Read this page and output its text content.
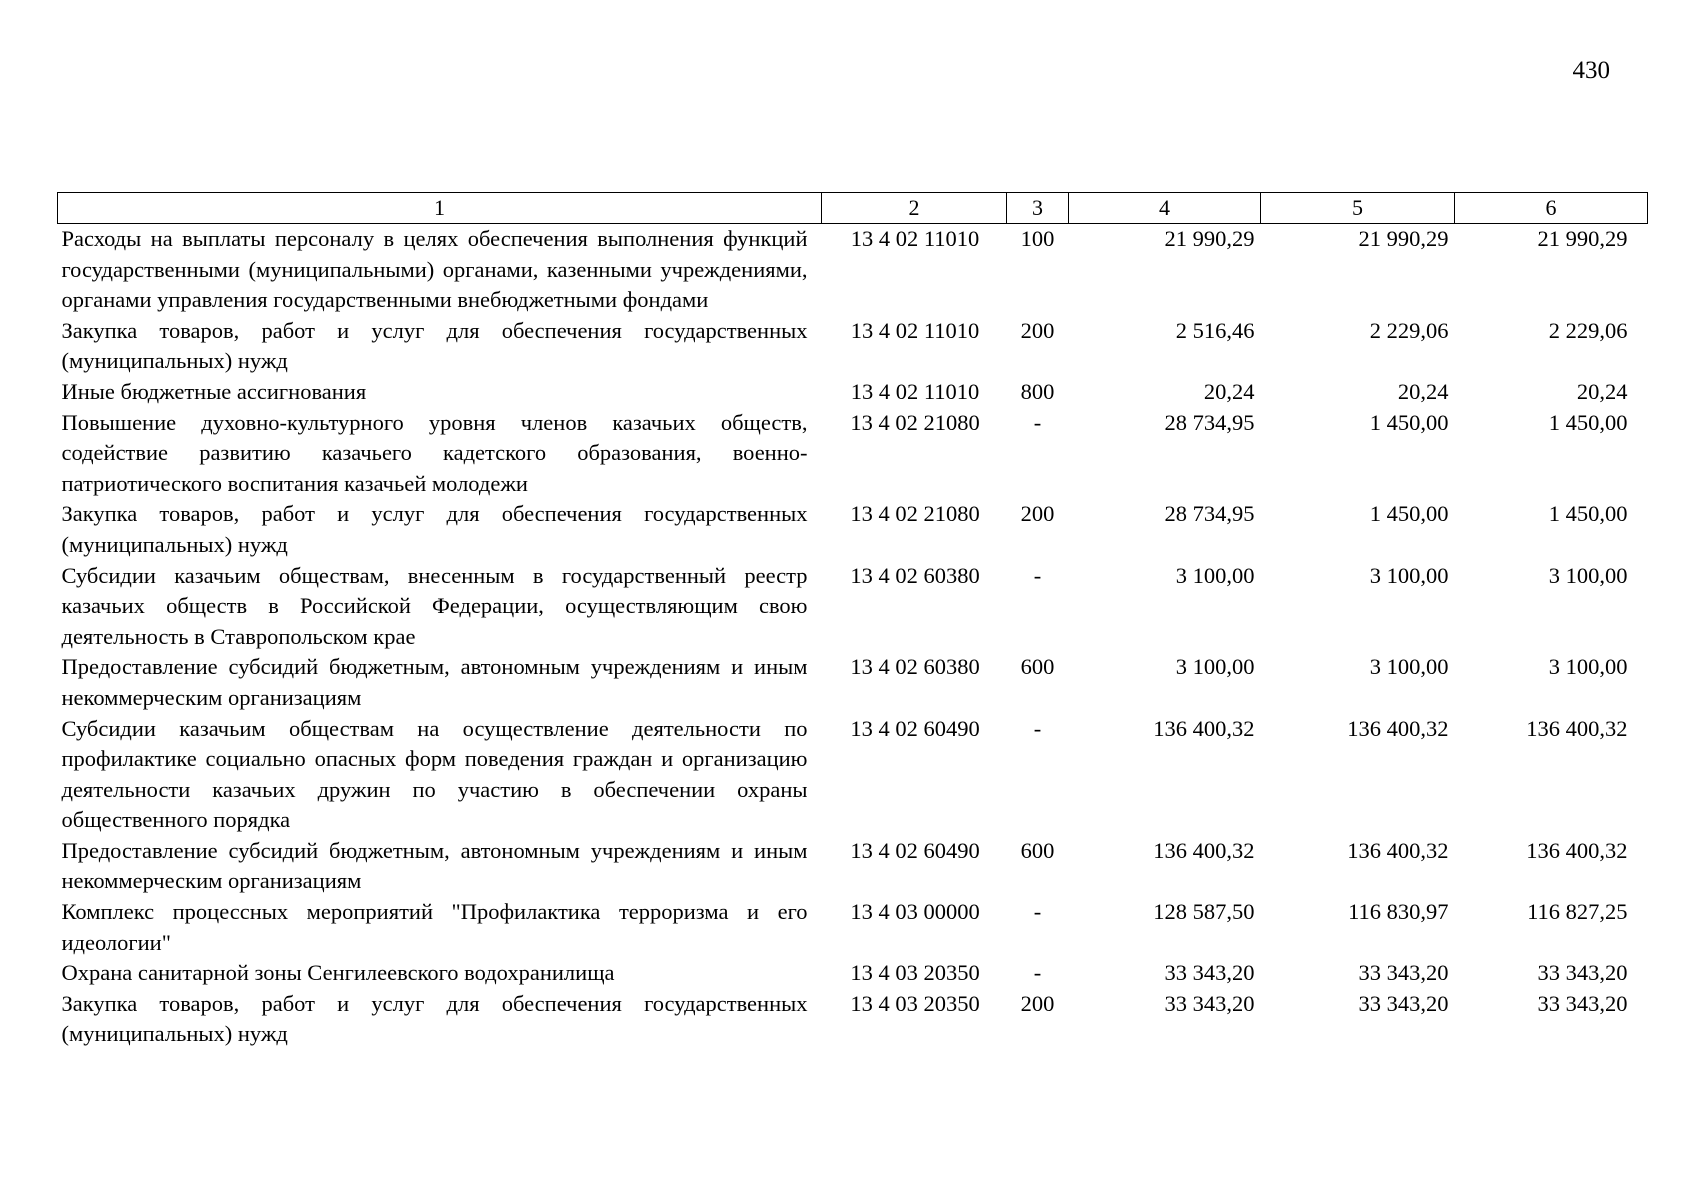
430
1	2	3	4	5	6
Расходы на выплаты персоналу в целях обеспечения выполнения функций государственными (муниципальными) органами, казенными учреждениями, органами управления государственными внебюджетными фондами	13 4 02 11010	100	21 990,29	21 990,29	21 990,29
Закупка товаров, работ и услуг для обеспечения государственных (муниципальных) нужд	13 4 02 11010	200	2 516,46	2 229,06	2 229,06
Иные бюджетные ассигнования	13 4 02 11010	800	20,24	20,24	20,24
Повышение духовно-культурного уровня членов казачьих обществ, содействие развитию казачьего кадетского образования, военно-патриотического воспитания казачьей молодежи	13 4 02 21080	-	28 734,95	1 450,00	1 450,00
Закупка товаров, работ и услуг для обеспечения государственных (муниципальных) нужд	13 4 02 21080	200	28 734,95	1 450,00	1 450,00
Субсидии казачьим обществам, внесенным в государственный реестр казачьих обществ в Российской Федерации, осуществляющим свою деятельность в Ставропольском крае	13 4 02 60380	-	3 100,00	3 100,00	3 100,00
Предоставление субсидий бюджетным, автономным учреждениям и иным некоммерческим организациям	13 4 02 60380	600	3 100,00	3 100,00	3 100,00
Субсидии казачьим обществам на осуществление деятельности по профилактике социально опасных форм поведения граждан и организацию деятельности казачьих дружин по участию в обеспечении охраны общественного порядка	13 4 02 60490	-	136 400,32	136 400,32	136 400,32
Предоставление субсидий бюджетным, автономным учреждениям и иным некоммерческим организациям	13 4 02 60490	600	136 400,32	136 400,32	136 400,32
Комплекс процессных мероприятий "Профилактика терроризма и его идеологии"	13 4 03 00000	-	128 587,50	116 830,97	116 827,25
Охрана санитарной зоны Сенгилеевского водохранилища	13 4 03 20350	-	33 343,20	33 343,20	33 343,20
Закупка товаров, работ и услуг для обеспечения государственных (муниципальных) нужд	13 4 03 20350	200	33 343,20	33 343,20	33 343,20
